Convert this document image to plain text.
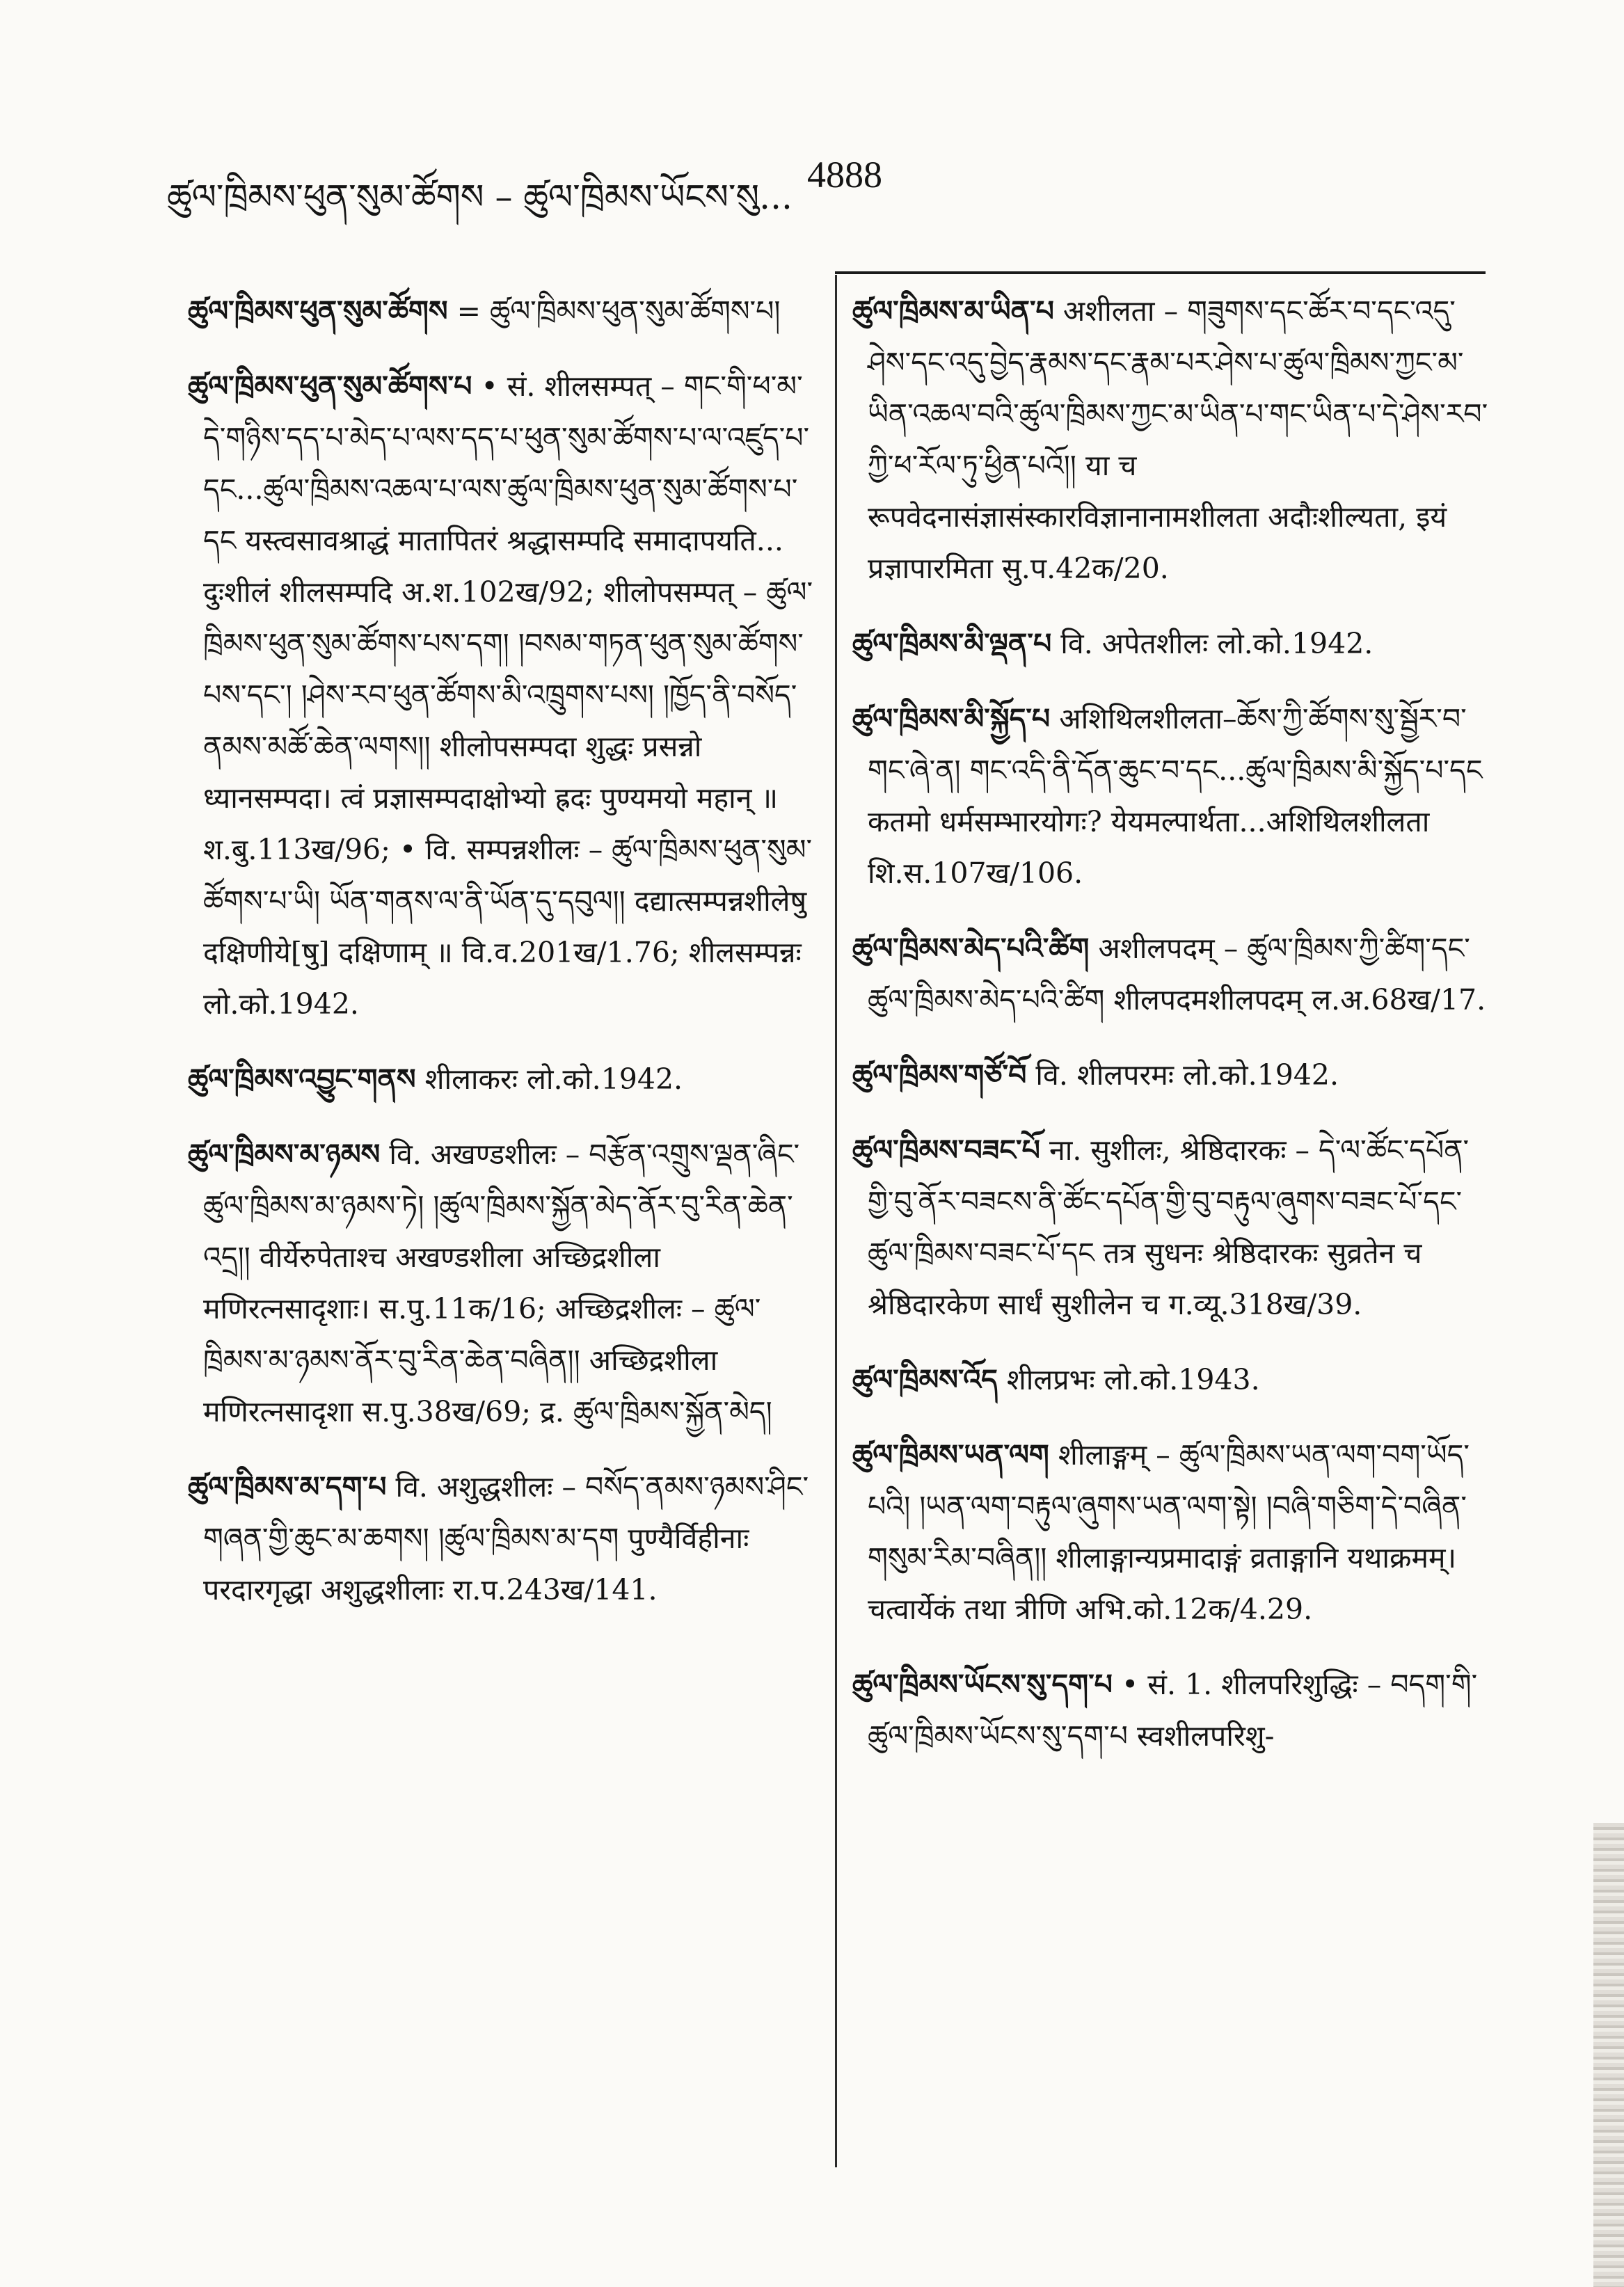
ཚུལ་ཁྲིམས་ཕུན་སུམ་ཚོགས – ཚུལ་ཁྲིམས་ཡོངས་སུ...
4888

ཚུལ་ཁྲིམས་ཕུན་སུམ་ཚོགས = ཚུལ་ཁྲིམས་ཕུན་སུམ་ཚོགས་པ།

ཚུལ་ཁྲིམས་ཕུན་སུམ་ཚོགས་པ • सं. शीलसम्पत् – གང་གི་ཕ་མ་དེ་གཉིས་དད་པ་མེད་པ་ལས་དད་པ་ཕུན་སུམ་ཚོགས་པ་ལ་འཛུད་པ་དང...ཚུལ་ཁྲིམས་འཆལ་པ་ལས་ཚུལ་ཁྲིམས་ཕུན་སུམ་ཚོགས་པ་དང यस्त्वसावश्राद्धं मातापितरं श्रद्धासम्पदि समादापयति... दुःशीलं शीलसम्पदि अ.श.102ख/92; शीलोपसम्पत् – ཚུལ་ཁྲིམས་ཕུན་སུམ་ཚོགས་པས་དག། །བསམ་གཏན་ཕུན་སུམ་ཚོགས་པས་དང་། །ཤེས་རབ་ཕུན་ཚོགས་མི་འཁྲུགས་པས། །ཁྱོད་ནི་བསོད་ནམས་མཚོ་ཆེན་ལགས།། शीलोपसम्पदा शुद्धः प्रसन्नो ध्यानसम्पदा। त्वं प्रज्ञासम्पदाक्षोभ्यो ह्रदः पुण्यमयो महान् ॥ श.बु.113ख/96; • वि. सम्पन्नशीलः – ཚུལ་ཁྲིམས་ཕུན་སུམ་ཚོགས་པ་ཡི། ཡོན་གནས་ལ་ནི་ཡོན་དུ་དབུལ།། दद्यात्सम्पन्नशीलेषु दक्षिणीये[षु] दक्षिणाम् ॥ वि.व.201ख/1.76; शीलसम्पन्नः लो.को.1942.

ཚུལ་ཁྲིམས་འབྱུང་གནས शीलाकरः लो.को.1942.

ཚུལ་ཁྲིམས་མ་ཉམས वि. अखण्डशीलः – བརྩོན་འགྲུས་ལྡན་ཞིང་ཚུལ་ཁྲིམས་མ་ཉམས་ཏེ། །ཚུལ་ཁྲིམས་སྐྱོན་མེད་ནོར་བུ་རིན་ཆེན་འདྲ།། वीर्येरुपेताश्च अखण्डशीला अच्छिद्रशीला मणिरत्नसादृशाः। स.पु.11क/16; अच्छिद्रशीलः – ཚུལ་ཁྲིམས་མ་ཉམས་ནོར་བུ་རིན་ཆེན་བཞིན།། अच्छिद्रशीला मणिरत्नसादृशा स.पु.38ख/69; द्र. ཚུལ་ཁྲིམས་སྐྱོན་མེད།

ཚུལ་ཁྲིམས་མ་དག་པ वि. अशुद्धशीलः – བསོད་ནམས་ཉམས་ཤིང་གཞན་གྱི་ཆུང་མ་ཆགས། །ཚུལ་ཁྲིམས་མ་དག पुण्यैर्विहीनाः परदारगृद्धा अशुद्धशीलाः रा.प.243ख/141.

ཚུལ་ཁྲིམས་མ་ཡིན་པ अशीलता – གཟུགས་དང་ཚོར་བ་དང་འདུ་ཤེས་དང་འདུ་བྱེད་རྣམས་དང་རྣམ་པར་ཤེས་པ་ཚུལ་ཁྲིམས་ཀྱང་མ་ཡིན་འཆལ་བའི་ཚུལ་ཁྲིམས་ཀྱང་མ་ཡིན་པ་གང་ཡིན་པ་དེ་ཤེས་རབ་ཀྱི་ཕ་རོལ་ཏུ་ཕྱིན་པའོ།། या च रूपवेदनासंज्ञासंस्कारविज्ञानानामशीलता अदौःशील्यता, इयं प्रज्ञापारमिता सु.प.42क/20.

ཚུལ་ཁྲིམས་མི་ལྡན་པ वि. अपेतशीलः लो.को.1942.

ཚུལ་ཁྲིམས་མི་སྐྱོད་པ अशिथिलशीलता–ཆོས་ཀྱི་ཚོགས་སུ་སྦྱོར་བ་གང་ཞེ་ན། གང་འདི་ནི་དོན་ཆུང་བ་དང...ཚུལ་ཁྲིམས་མི་སྐྱོད་པ་དང कतमो धर्मसम्भारयोगः? येयमल्पार्थता...अशिथिलशीलता शि.स.107ख/106.

ཚུལ་ཁྲིམས་མེད་པའི་ཚིག अशीलपदम् – ཚུལ་ཁྲིམས་ཀྱི་ཚིག་དང་ཚུལ་ཁྲིམས་མེད་པའི་ཚིག शीलपदमशीलपदम् ल.अ.68ख/17.

ཚུལ་ཁྲིམས་གཙོ་བོ वि. शीलपरमः लो.को.1942.

ཚུལ་ཁྲིམས་བཟང་པོ ना. सुशीलः, श्रेष्ठिदारकः – དེ་ལ་ཚོང་དཔོན་གྱི་བུ་ནོར་བཟངས་ནི་ཚོང་དཔོན་གྱི་བུ་བརྟུལ་ཞུགས་བཟང་པོ་དང་ཚུལ་ཁྲིམས་བཟང་པོ་དང तत्र सुधनः श्रेष्ठिदारकः सुव्रतेन च श्रेष्ठिदारकेण सार्धं सुशीलेन च ग.व्यू.318ख/39.

ཚུལ་ཁྲིམས་འོད शीलप्रभः लो.को.1943.

ཚུལ་ཁྲིམས་ཡན་ལག शीलाङ्गम् – ཚུལ་ཁྲིམས་ཡན་ལག་བག་ཡོད་པའི། །ཡན་ལག་བརྟུལ་ཞུགས་ཡན་ལག་སྟེ། །བཞི་གཅིག་དེ་བཞིན་གསུམ་རིམ་བཞིན།། शीलाङ्गान्यप्रमादाङ्गं व्रताङ्गानि यथाक्रमम्। चत्वार्येकं तथा त्रीणि अभि.को.12क/4.29.

ཚུལ་ཁྲིམས་ཡོངས་སུ་དག་པ • सं. 1. शीलपरिशुद्धिः – བདག་གི་ཚུལ་ཁྲིམས་ཡོངས་སུ་དག་པ स्वशीलपरिशु-
